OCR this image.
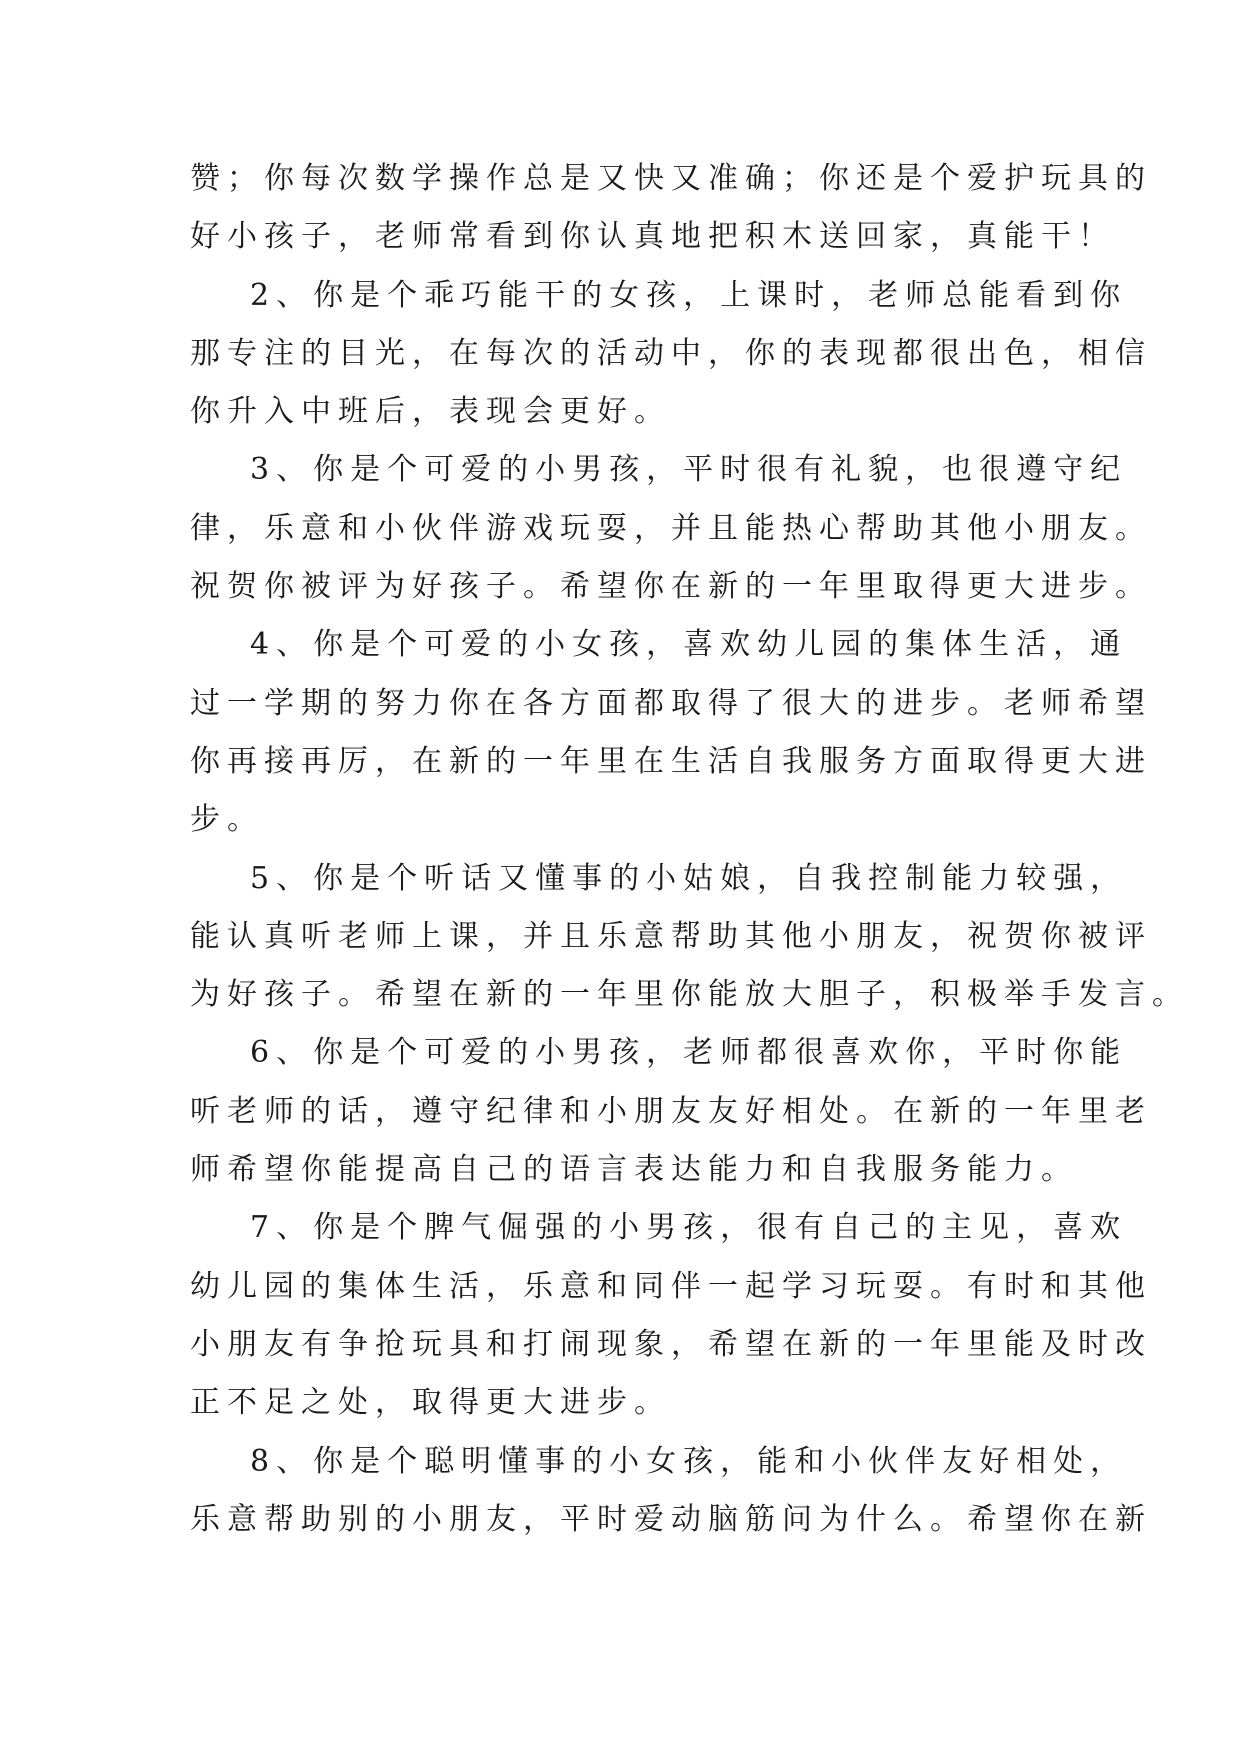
赞；你每次数学操作总是又快又准确；你还是个爱护玩具的
好小孩子，老师常看到你认真地把积木送回家，真能干！
2、你是个乖巧能干的女孩，上课时，老师总能看到你
那专注的目光，在每次的活动中，你的表现都很出色，相信
你升入中班后，表现会更好。
3、你是个可爱的小男孩，平时很有礼貌，也很遵守纪
律，乐意和小伙伴游戏玩耍，并且能热心帮助其他小朋友。
祝贺你被评为好孩子。希望你在新的一年里取得更大进步。
4、你是个可爱的小女孩，喜欢幼儿园的集体生活，通
过一学期的努力你在各方面都取得了很大的进步。老师希望
你再接再厉，在新的一年里在生活自我服务方面取得更大进
步。
5、你是个听话又懂事的小姑娘，自我控制能力较强，
能认真听老师上课，并且乐意帮助其他小朋友，祝贺你被评
为好孩子。希望在新的一年里你能放大胆子，积极举手发言。
6、你是个可爱的小男孩，老师都很喜欢你，平时你能
听老师的话，遵守纪律和小朋友友好相处。在新的一年里老
师希望你能提高自己的语言表达能力和自我服务能力。
7、你是个脾气倔强的小男孩，很有自己的主见，喜欢
幼儿园的集体生活，乐意和同伴一起学习玩耍。有时和其他
小朋友有争抢玩具和打闹现象，希望在新的一年里能及时改
正不足之处，取得更大进步。
8、你是个聪明懂事的小女孩，能和小伙伴友好相处，
乐意帮助别的小朋友，平时爱动脑筋问为什么。希望你在新
